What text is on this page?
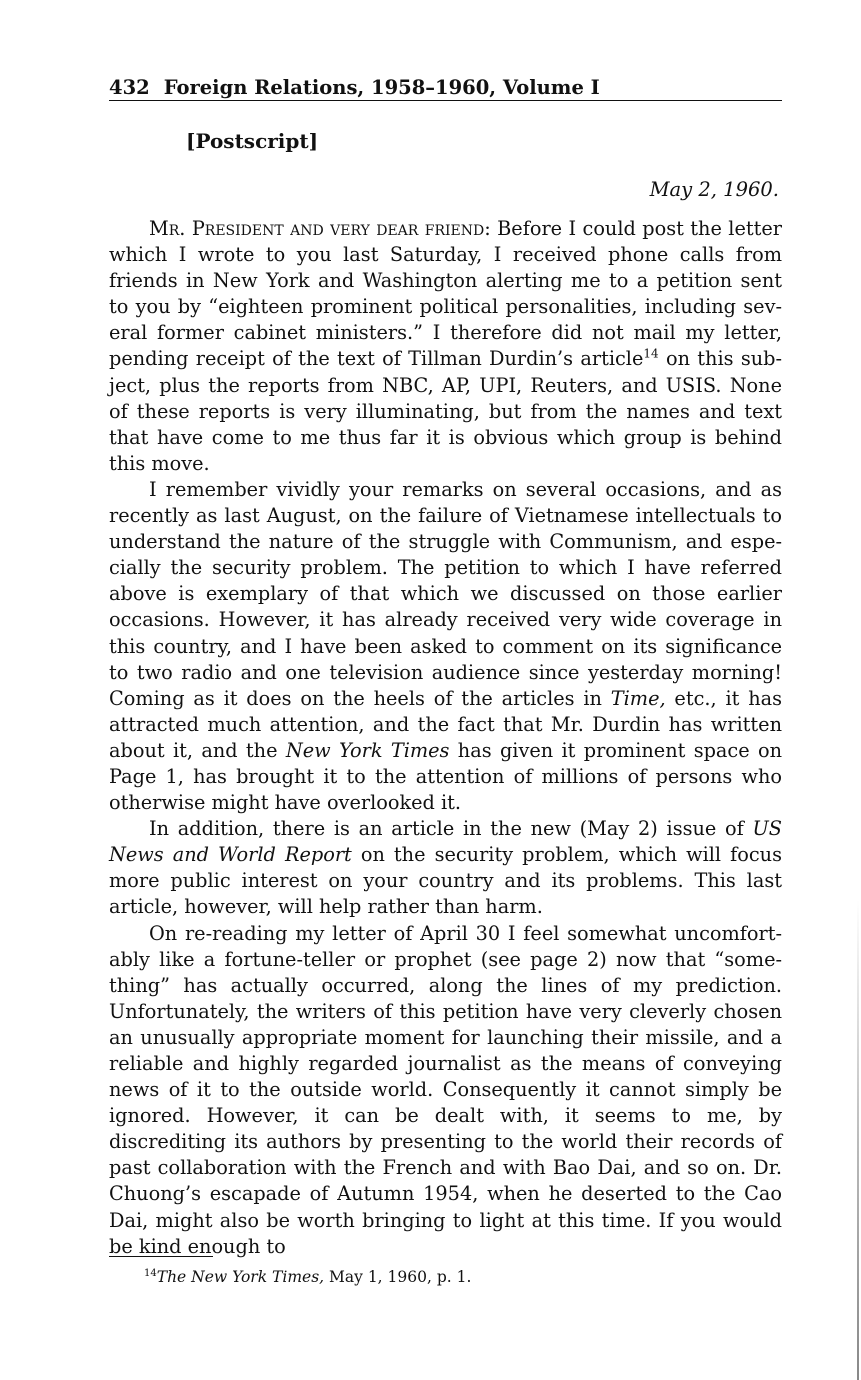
432 Foreign Relations, 1958–1960, Volume I
[Postscript]
May 2, 1960.

Mr. President and very dear friend: Before I could post the letter which I wrote to you last Saturday, I received phone calls from friends in New York and Washington alerting me to a petition sent to you by “eighteen prominent political personalities, including several former cabinet ministers.” I therefore did not mail my letter, pending receipt of the text of Tillman Durdin’s article$^{14}$ on this subject, plus the reports from NBC, AP, UPI, Reuters, and USIS. None of these reports is very illuminating, but from the names and text that have come to me thus far it is obvious which group is behind this move.

I remember vividly your remarks on several occasions, and as recently as last August, on the failure of Vietnamese intellectuals to understand the nature of the struggle with Communism, and especially the security problem. The petition to which I have referred above is exemplary of that which we discussed on those earlier occasions. However, it has already received very wide coverage in this country, and I have been asked to comment on its significance to two radio and one television audience since yesterday morning! Coming as it does on the heels of the articles in Time, etc., it has attracted much attention, and the fact that Mr. Durdin has written about it, and the New York Times has given it prominent space on Page 1, has brought it to the attention of millions of persons who otherwise might have overlooked it.

In addition, there is an article in the new (May 2) issue of US News and World Report on the security problem, which will focus more public interest on your country and its problems. This last article, however, will help rather than harm.

On re-reading my letter of April 30 I feel somewhat uncomfortably like a fortune-teller or prophet (see page 2) now that “something” has actually occurred, along the lines of my prediction. Unfortunately, the writers of this petition have very cleverly chosen an unusually appropriate moment for launching their missile, and a reliable and highly regarded journalist as the means of conveying news of it to the outside world. Consequently it cannot simply be ignored. However, it can be dealt with, it seems to me, by discrediting its authors by presenting to the world their records of past collaboration with the French and with Bao Dai, and so on. Dr. Chuong’s escapade of Autumn 1954, when he deserted to the Cao Dai, might also be worth bringing to light at this time. If you would be kind enough to

$^{14}$The New York Times, May 1, 1960, p. 1.
